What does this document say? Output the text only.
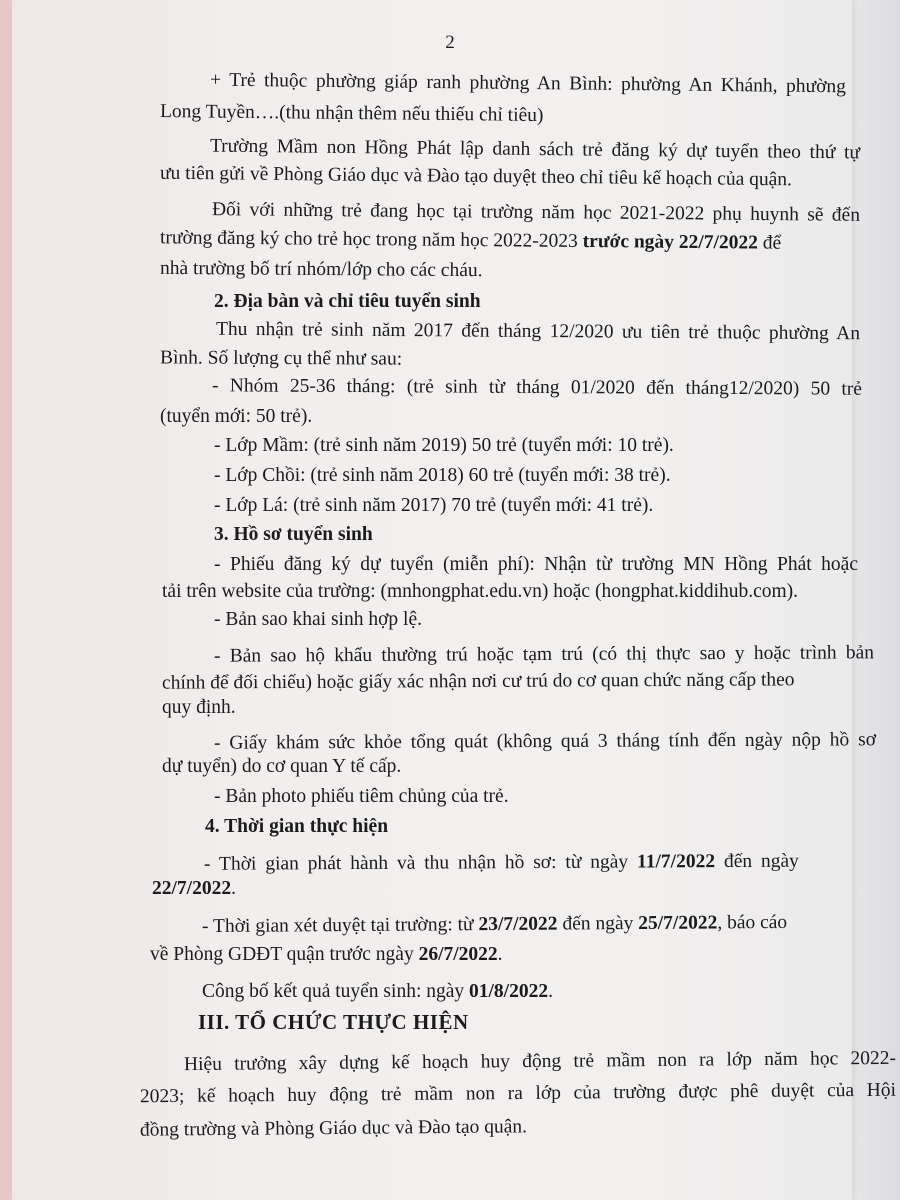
2

+ Trẻ thuộc phường giáp ranh phường An Bình: phường An Khánh, phường

Long Tuyền….(thu nhận thêm nếu thiếu chỉ tiêu)

Trường Mầm non Hồng Phát lập danh sách trẻ đăng ký dự tuyển theo thứ tự

ưu tiên gửi về Phòng Giáo dục và Đào tạo duyệt theo chỉ tiêu kế hoạch của quận.

Đối với những trẻ đang học tại trường năm học 2021-2022 phụ huynh sẽ đến

trường đăng ký cho trẻ học trong năm học 2022-2023 trước ngày 22/7/2022 để

nhà trường bố trí nhóm/lớp cho các cháu.

2. Địa bàn và chỉ tiêu tuyển sinh

Thu nhận trẻ sinh năm 2017 đến tháng 12/2020 ưu tiên trẻ thuộc phường An

Bình. Số lượng cụ thể như sau:

- Nhóm 25-36 tháng: (trẻ sinh từ tháng 01/2020 đến tháng12/2020) 50 trẻ

(tuyển mới: 50 trẻ).

- Lớp Mầm: (trẻ sinh năm 2019) 50 trẻ (tuyển mới: 10 trẻ).

- Lớp Chồi: (trẻ sinh năm 2018) 60 trẻ (tuyển mới: 38 trẻ).

- Lớp Lá: (trẻ sinh năm 2017) 70 trẻ (tuyển mới: 41 trẻ).

3. Hồ sơ tuyển sinh

- Phiếu đăng ký dự tuyển (miễn phí): Nhận từ trường MN Hồng Phát hoặc

tải trên website của trường: (mnhongphat.edu.vn) hoặc (hongphat.kiddihub.com).

- Bản sao khai sinh hợp lệ.

- Bản sao hộ khẩu thường trú hoặc tạm trú (có thị thực sao y hoặc trình bản

chính để đối chiếu) hoặc giấy xác nhận nơi cư trú do cơ quan chức năng cấp theo

quy định.

- Giấy khám sức khỏe tổng quát (không quá 3 tháng tính đến ngày nộp hồ sơ

dự tuyển) do cơ quan Y tế cấp.

- Bản photo phiếu tiêm chủng của trẻ.

4. Thời gian thực hiện

- Thời gian phát hành và thu nhận hồ sơ: từ ngày 11/7/2022 đến ngày

22/7/2022.

- Thời gian xét duyệt tại trường: từ 23/7/2022 đến ngày 25/7/2022, báo cáo

về Phòng GDĐT quận trước ngày 26/7/2022.

Công bố kết quả tuyển sinh: ngày 01/8/2022.

III. TỔ CHỨC THỰC HIỆN

Hiệu trưởng xây dựng kế hoạch huy động trẻ mầm non ra lớp năm học 2022-

2023; kế hoạch huy động trẻ mầm non ra lớp của trường được phê duyệt của Hội

đồng trường và Phòng Giáo dục và Đào tạo quận.
